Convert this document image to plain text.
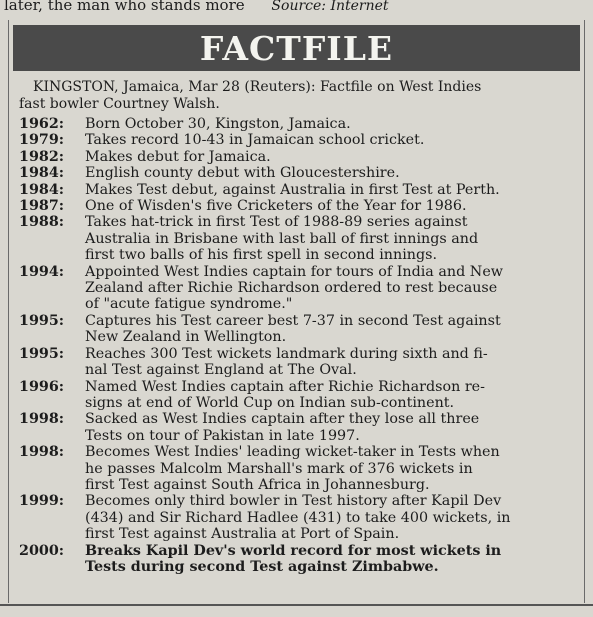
later, the man who stands more Source: Internet
FACTFILE
KINGSTON, Jamaica, Mar 28 (Reuters): Factfile on West Indies
fast bowler Courtney Walsh.
1962:	Born October 30, Kingston, Jamaica.
1979:	Takes record 10-43 in Jamaican school cricket.
1982:	Makes debut for Jamaica.
1984:	English county debut with Gloucestershire.
1984:	Makes Test debut, against Australia in first Test at Perth.
1987:	One of Wisden's five Cricketers of the Year for 1986.
1988:	Takes hat-trick in first Test of 1988-89 series against
Australia in Brisbane with last ball of first innings and
first two balls of his first spell in second innings.
1994:	Appointed West Indies captain for tours of India and New
Zealand after Richie Richardson ordered to rest because
of "acute fatigue syndrome."
1995:	Captures his Test career best 7-37 in second Test against
New Zealand in Wellington.
1995:	Reaches 300 Test wickets landmark during sixth and fi-
nal Test against England at The Oval.
1996:	Named West Indies captain after Richie Richardson re-
signs at end of World Cup on Indian sub-continent.
1998:	Sacked as West Indies captain after they lose all three
Tests on tour of Pakistan in late 1997.
1998:	Becomes West Indies' leading wicket-taker in Tests when
he passes Malcolm Marshall's mark of 376 wickets in
first Test against South Africa in Johannesburg.
1999:	Becomes only third bowler in Test history after Kapil Dev
(434) and Sir Richard Hadlee (431) to take 400 wickets, in
first Test against Australia at Port of Spain.
2000:	Breaks Kapil Dev's world record for most wickets in
Tests during second Test against Zimbabwe.
